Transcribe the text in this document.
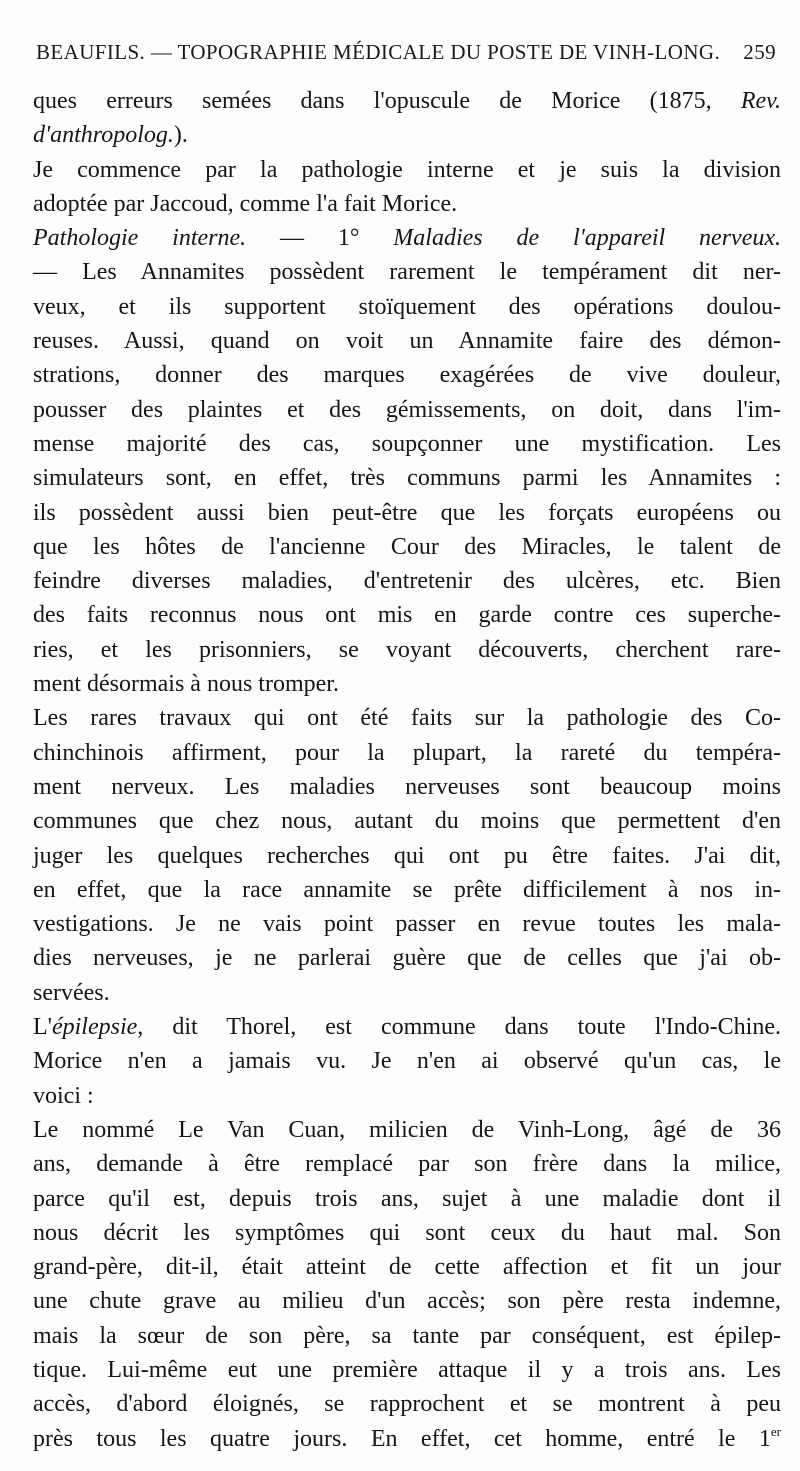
BEAUFILS. — TOPOGRAPHIE MÉDICALE DU POSTE DE VINH-LONG. 259

ques erreurs semées dans l'opuscule de Morice (1875, Rev.

d'anthropolog.).

Je commence par la pathologie interne et je suis la division

adoptée par Jaccoud, comme l'a fait Morice.

Pathologie interne. — 1° Maladies de l'appareil nerveux.

— Les Annamites possèdent rarement le tempérament dit ner-

veux, et ils supportent stoïquement des opérations doulou-

reuses. Aussi, quand on voit un Annamite faire des démon-

strations, donner des marques exagérées de vive douleur,

pousser des plaintes et des gémissements, on doit, dans l'im-

mense majorité des cas, soupçonner une mystification. Les

simulateurs sont, en effet, très communs parmi les Annamites :

ils possèdent aussi bien peut-être que les forçats européens ou

que les hôtes de l'ancienne Cour des Miracles, le talent de

feindre diverses maladies, d'entretenir des ulcères, etc. Bien

des faits reconnus nous ont mis en garde contre ces superche-

ries, et les prisonniers, se voyant découverts, cherchent rare-

ment désormais à nous tromper.

Les rares travaux qui ont été faits sur la pathologie des Co-

chinchinois affirment, pour la plupart, la rareté du tempéra-

ment nerveux. Les maladies nerveuses sont beaucoup moins

communes que chez nous, autant du moins que permettent d'en

juger les quelques recherches qui ont pu être faites. J'ai dit,

en effet, que la race annamite se prête difficilement à nos in-

vestigations. Je ne vais point passer en revue toutes les mala-

dies nerveuses, je ne parlerai guère que de celles que j'ai ob-

servées.

L'épilepsie, dit Thorel, est commune dans toute l'Indo-Chine.

Morice n'en a jamais vu. Je n'en ai observé qu'un cas, le

voici :

Le nommé Le Van Cuan, milicien de Vinh-Long, âgé de 36

ans, demande à être remplacé par son frère dans la milice,

parce qu'il est, depuis trois ans, sujet à une maladie dont il

nous décrit les symptômes qui sont ceux du haut mal. Son

grand-père, dit-il, était atteint de cette affection et fit un jour

une chute grave au milieu d'un accès; son père resta indemne,

mais la sœur de son père, sa tante par conséquent, est épilep-

tique. Lui-même eut une première attaque il y a trois ans. Les

accès, d'abord éloignés, se rapprochent et se montrent à peu

près tous les quatre jours. En effet, cet homme, entré le 1er
